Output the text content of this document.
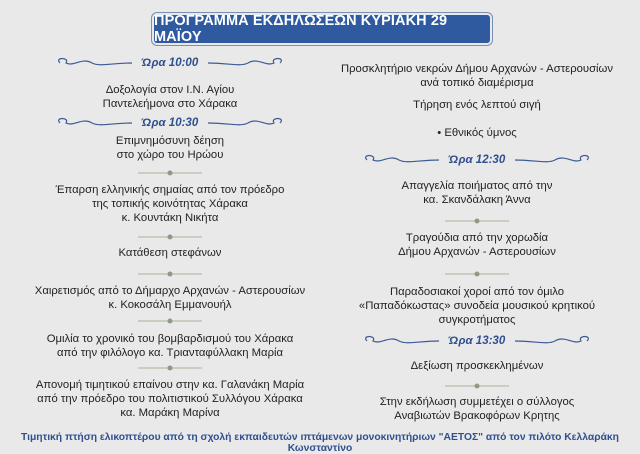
ΠΡΟΓΡΑΜΜΑ ΕΚΔΗΛΩΣΕΩΝ ΚΥΡΙΑΚΗ 29 ΜΑΪΟΥ
Ώρα 10:00
Δοξολογία στον Ι.Ν. Αγίου
Παντελεήμονα στο Χάρακα
Ώρα 10:30
Επιμνημόσυνη δέηση
στο χώρο του Ηρώου
Έπαρση ελληνικής σημαίας από τον πρόεδρο
της τοπικής κοινότητας Χάρακα
κ. Κουντάκη Νικήτα
Κατάθεση στεφάνων
Χαιρετισμός από το Δήμαρχο Αρχανών - Αστερουσίων
κ. Κοκοσάλη Εμμανουήλ
Ομιλία το χρονικό του βομβαρδισμού του Χάρακα
από την φιλόλογο κα. Τριανταφύλλακη Μαρία
Απονομή τιμητικού επαίνου στην κα. Γαλανάκη Μαρία
από την πρόεδρο του πολιτιστικού Συλλόγου Χάρακα
κα. Μαράκη Μαρίνα
Προσκλητήριο νεκρών Δήμου Αρχανών - Αστερουσίων
ανά τοπικό διαμέρισμα
Τήρηση ενός λεπτού σιγή
• Εθνικός ύμνος
Ώρα 12:30
Απαγγελία ποιήματος από την
κα. Σκανδάλακη Άννα
Τραγούδια από την χορωδία
Δήμου Αρχανών - Αστερουσίων
Παραδοσιακοί χοροί από τον όμιλο
«Παπαδόκωστας» συνοδεία μουσικού κρητικού
συγκροτήματος
Ώρα 13:30
Δεξίωση προσκεκλημένων
Στην εκδήλωση συμμετέχει ο σύλλογος
Αναβιωτών Βρακοφόρων Κρητης
Τιμητική πτήση ελικοπτέρου από τη σχολή εκπαιδευτών ιπτάμενων μονοκινητήριων "ΑΕΤΟΣ" από τον πιλότο Κελλαράκη Κωνσταντίνο
